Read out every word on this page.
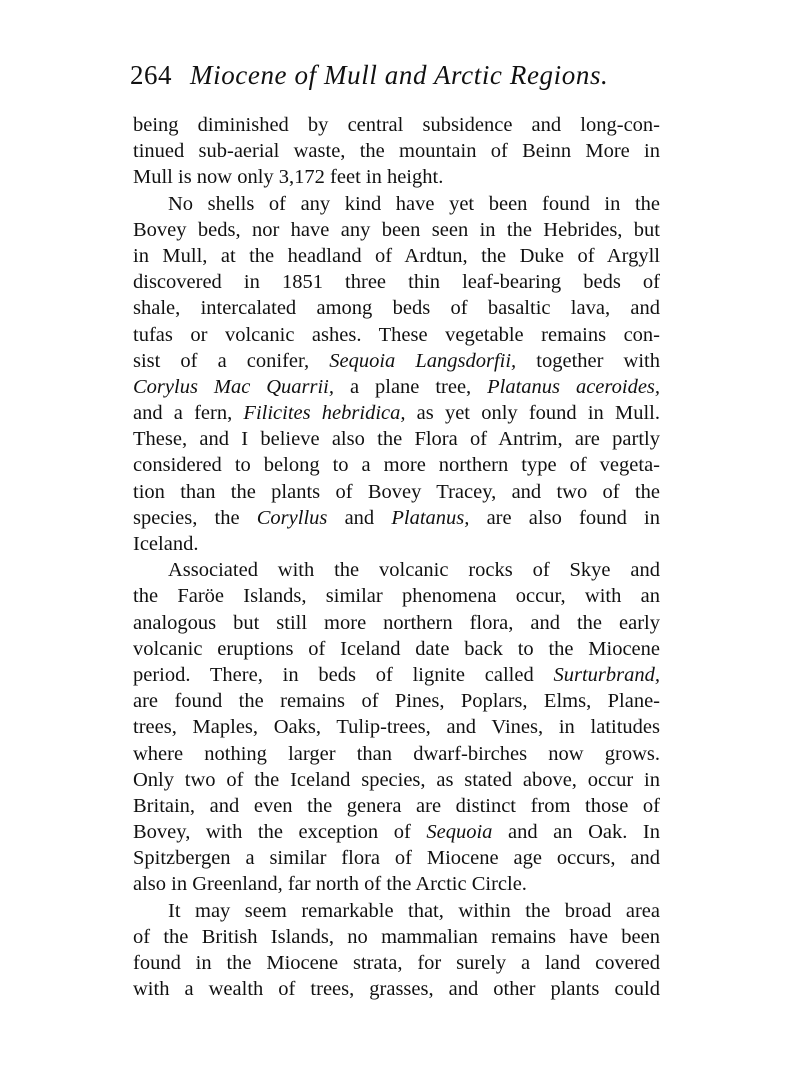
264 Miocene of Mull and Arctic Regions.
being diminished by central subsidence and long-con-
tinued sub-aerial waste, the mountain of Beinn More in
Mull is now only 3,172 feet in height.
No shells of any kind have yet been found in the
Bovey beds, nor have any been seen in the Hebrides, but
in Mull, at the headland of Ardtun, the Duke of Argyll
discovered in 1851 three thin leaf-bearing beds of
shale, intercalated among beds of basaltic lava, and
tufas or volcanic ashes. These vegetable remains con-
sist of a conifer, Sequoia Langsdorfii, together with
Corylus Mac Quarrii, a plane tree, Platanus aceroides,
and a fern, Filicites hebridica, as yet only found in Mull.
These, and I believe also the Flora of Antrim, are partly
considered to belong to a more northern type of vegeta-
tion than the plants of Bovey Tracey, and two of the
species, the Coryllus and Platanus, are also found in
Iceland.
Associated with the volcanic rocks of Skye and
the Faröe Islands, similar phenomena occur, with an
analogous but still more northern flora, and the early
volcanic eruptions of Iceland date back to the Miocene
period. There, in beds of lignite called Surturbrand,
are found the remains of Pines, Poplars, Elms, Plane-
trees, Maples, Oaks, Tulip-trees, and Vines, in latitudes
where nothing larger than dwarf-birches now grows.
Only two of the Iceland species, as stated above, occur in
Britain, and even the genera are distinct from those of
Bovey, with the exception of Sequoia and an Oak. In
Spitzbergen a similar flora of Miocene age occurs, and
also in Greenland, far north of the Arctic Circle.
It may seem remarkable that, within the broad area
of the British Islands, no mammalian remains have been
found in the Miocene strata, for surely a land covered
with a wealth of trees, grasses, and other plants could
